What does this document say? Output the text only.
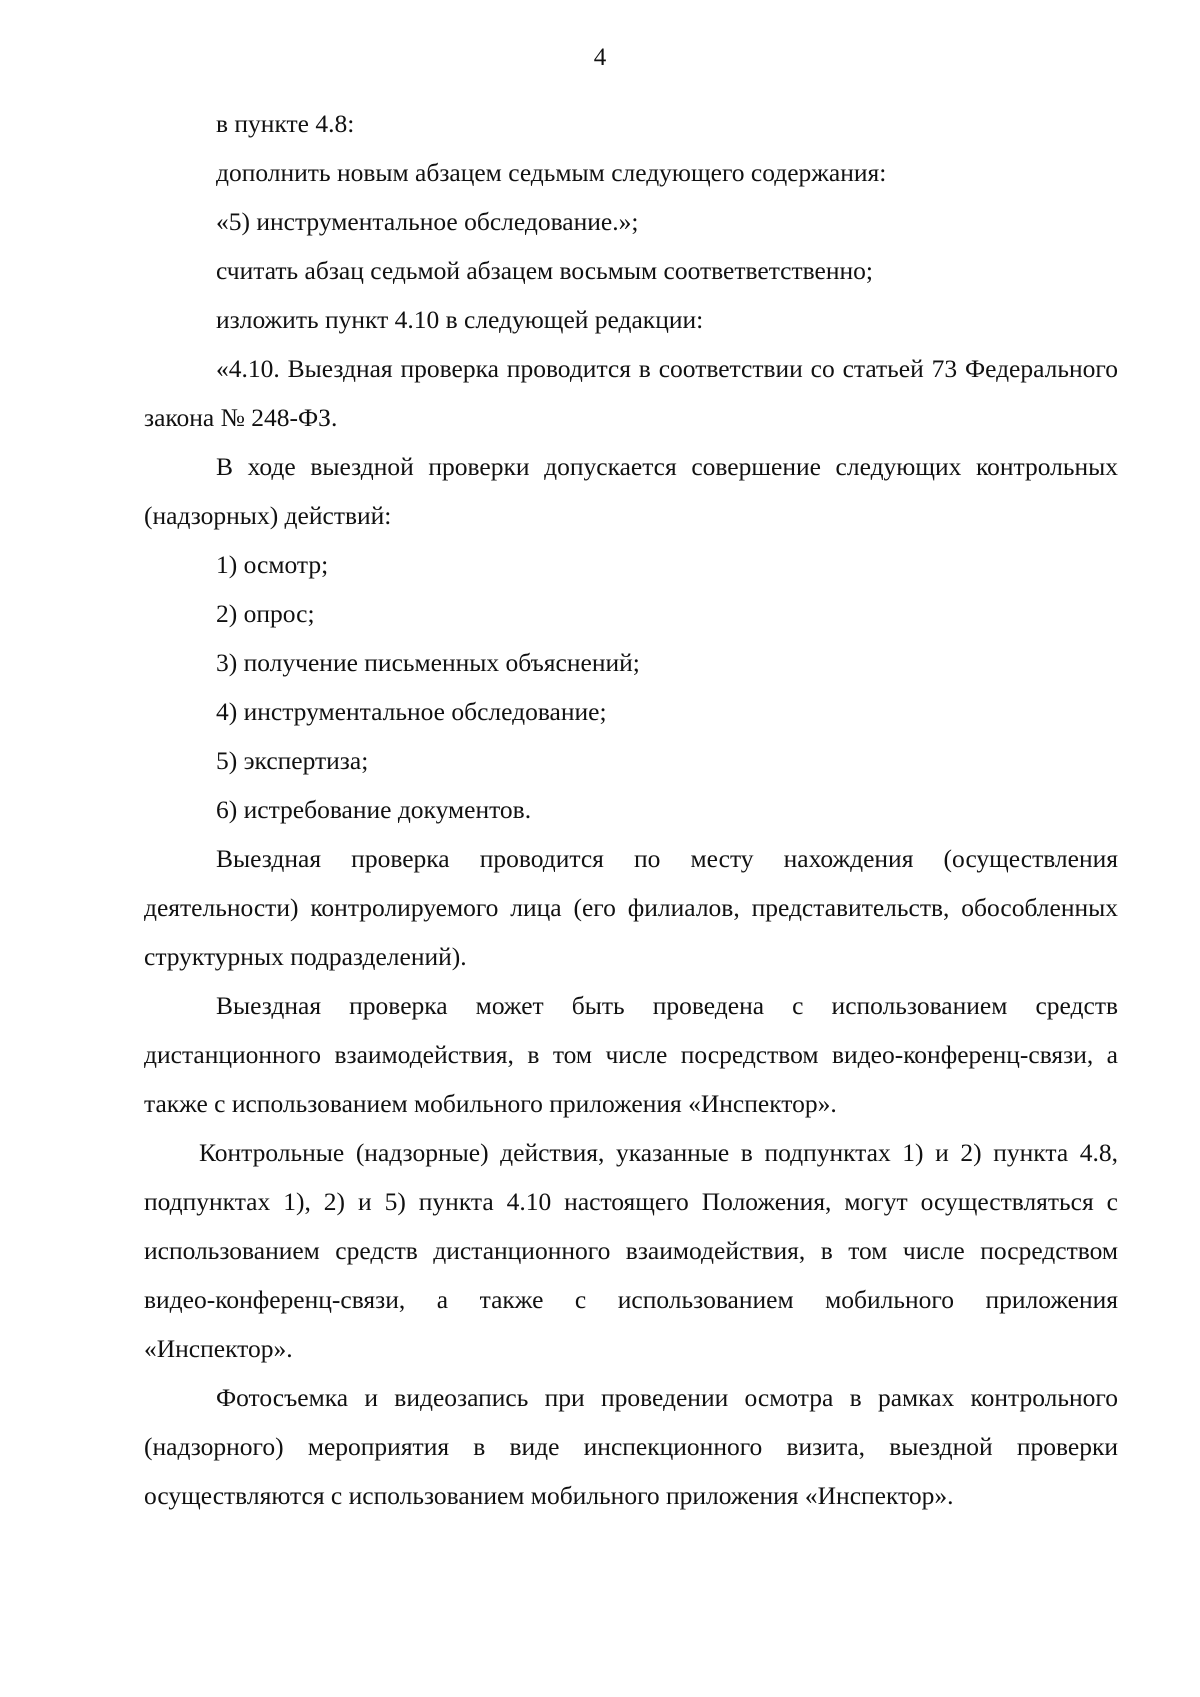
4

в пункте 4.8:

дополнить новым абзацем седьмым следующего содержания:

«5) инструментальное обследование.»;

считать абзац седьмой абзацем восьмым соответветственно;

изложить пункт 4.10 в следующей редакции:

«4.10. Выездная проверка проводится в соответствии со статьей 73 Федерального закона № 248-ФЗ.

В ходе выездной проверки допускается совершение следующих контрольных (надзорных) действий:

1) осмотр;

2) опрос;

3) получение письменных объяснений;

4) инструментальное обследование;

5) экспертиза;

6) истребование документов.

Выездная проверка проводится по месту нахождения (осуществления деятельности) контролируемого лица (его филиалов, представительств, обособленных структурных подразделений).

Выездная проверка может быть проведена с использованием средств дистанционного взаимодействия, в том числе посредством видео-конференц-связи, а также с использованием мобильного приложения «Инспектор».

Контрольные (надзорные) действия, указанные в подпунктах 1) и 2) пункта 4.8, подпунктах 1), 2) и 5) пункта 4.10 настоящего Положения, могут осуществляться с использованием средств дистанционного взаимодействия, в том числе посредством видео-конференц-связи, а также с использованием мобильного приложения «Инспектор».

Фотосъемка и видеозапись при проведении осмотра в рамках контрольного (надзорного) мероприятия в виде инспекционного визита, выездной проверки осуществляются с использованием мобильного приложения «Инспектор».
